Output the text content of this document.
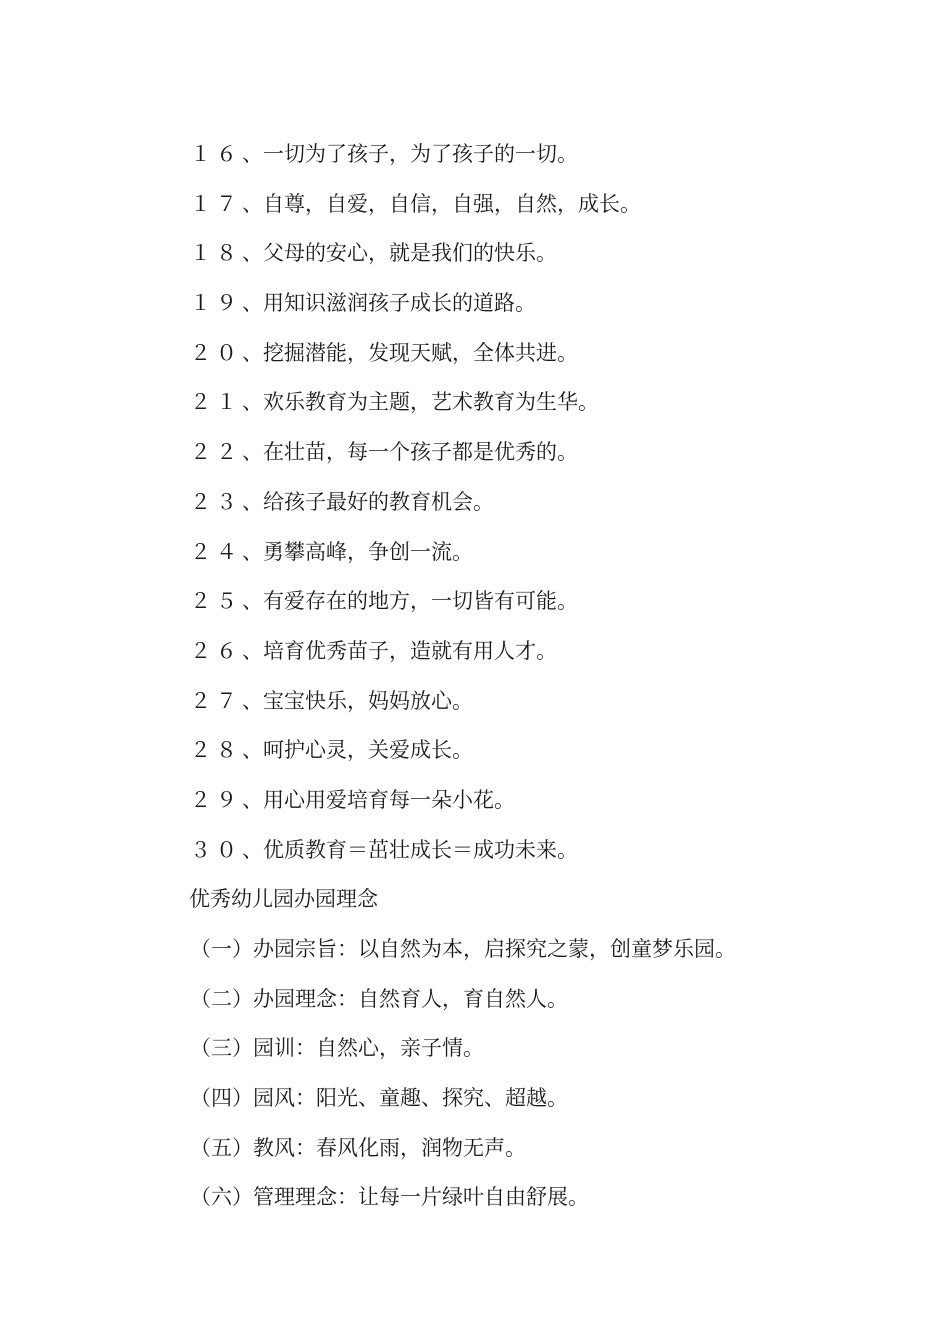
１６、一切为了孩子，为了孩子的一切。
１７、自尊，自爱，自信，自强，自然，成长。
１８、父母的安心，就是我们的快乐。
１９、用知识滋润孩子成长的道路。
２０、挖掘潜能，发现天赋，全体共进。
２１、欢乐教育为主题，艺术教育为生华。
２２、在壮苗，每一个孩子都是优秀的。
２３、给孩子最好的教育机会。
２４、勇攀高峰，争创一流。
２５、有爱存在的地方，一切皆有可能。
２６、培育优秀苗子，造就有用人才。
２７、宝宝快乐，妈妈放心。
２８、呵护心灵，关爱成长。
２９、用心用爱培育每一朵小花。
３０、优质教育＝茁壮成长＝成功未来。
优秀幼儿园办园理念
（一）办园宗旨：以自然为本，启探究之蒙，创童梦乐园。
（二）办园理念：自然育人，育自然人。
（三）园训：自然心，亲子情。
（四）园风：阳光、童趣、探究、超越。
（五）教风：春风化雨，润物无声。
（六）管理理念：让每一片绿叶自由舒展。
